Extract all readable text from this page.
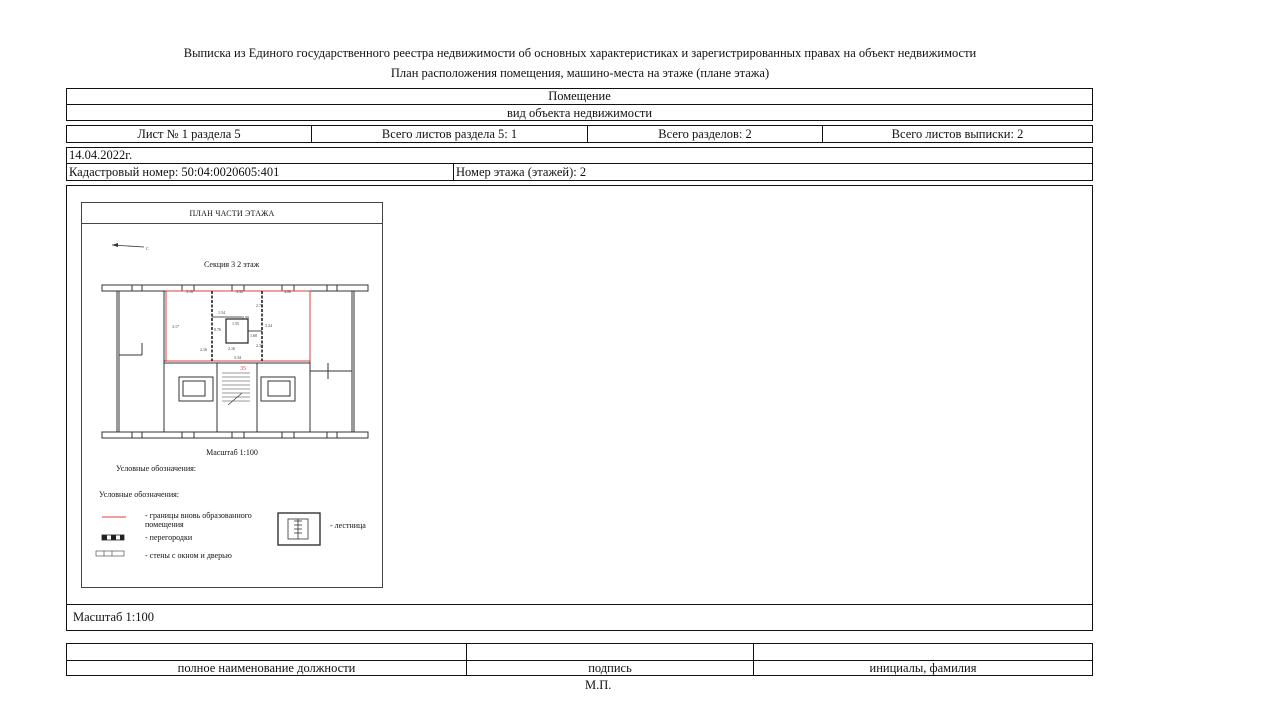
Выписка из Единого государственного реестра недвижимости об основных характеристиках и зарегистрированных правах на объект недвижимости
План расположения помещения, машино-места на этаже (плане этажа)
Помещение
вид объекта недвижимости
Лист № 1 раздела 5	Всего листов раздела 5: 1	Всего разделов: 2	Всего листов выписки: 2
14.04.2022г.
Кадастровый номер: 50:04:0020605:401	Номер этажа (этажей): 2
ПЛАН ЧАСТИ ЭТАЖА
С
3.16	3.32	3.00
3.17
1.54
0.76
1.55
2.16
3.34
2.76
3.24
2.16
2.33
0.99
1.60
35
Секция 3 2 этаж
Масштаб 1:100
Условные обозначения:
Условные обозначения:
- границы вновь образованного помещения
- перегородки
- стены с окном и дверью
- лестница
Масштаб 1:100
полное наименование должности	подпись	инициалы, фамилия
М.П.
